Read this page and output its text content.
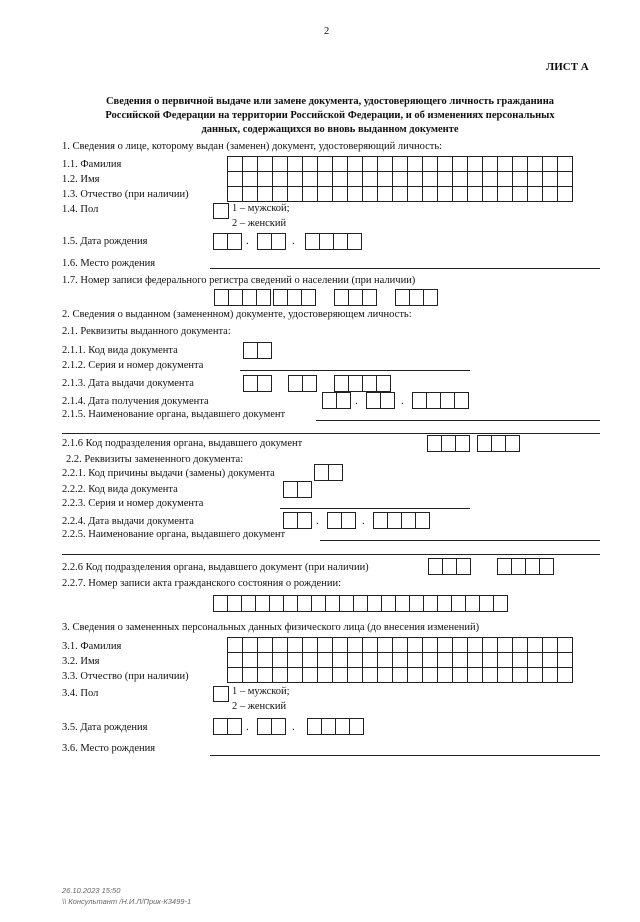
2
ЛИСТ А
Сведения о первичной выдаче или замене документа, удостоверяющего личность гражданина
Российской Федерации на территории Российской Федерации, и об изменениях персональных
данных, содержащихся во вновь выданном документе
1. Сведения о лице, которому выдан (заменен) документ, удостоверяющий личность:
1.1. Фамилия
1.2. Имя
1.3. Отчество (при наличии)

1.4. Пол	1 – мужской;
2 – женский
1.5. Дата рождения	.	.
1.6. Место рождения
1.7. Номер записи федерального регистра сведений о населении (при наличии)
2. Сведения о выданном (замененном) документе, удостоверяющем личность:
2.1. Реквизиты выданного документа:
2.1.1. Код вида документа
2.1.2. Серия и номер документа
2.1.3. Дата выдачи документа
2.1.4. Дата получения документа	.	.
2.1.5. Наименование органа, выдавшего документ
2.1.6 Код подразделения органа, выдавшего документ
2.2. Реквизиты замененного документа:
2.2.1. Код причины выдачи (замены) документа
2.2.2. Код вида документа
2.2.3. Серия и номер документа
2.2.4. Дата выдачи документа	.	.
2.2.5. Наименование органа, выдавшего документ
2.2.6 Код подразделения органа, выдавшего документ (при наличии)
2.2.7. Номер записи акта гражданского состояния о рождении:
3. Сведения о замененных персональных данных физического лица (до внесения изменений)
3.1. Фамилия
3.2. Имя
3.3. Отчество (при наличии)

3.4. Пол	1 – мужской;
2 – женский
3.5. Дата рождения	.	.
3.6. Место рождения
26.10.2023 15:50
\\ Консультант /Н.И.Л/Прик-К3499-1
